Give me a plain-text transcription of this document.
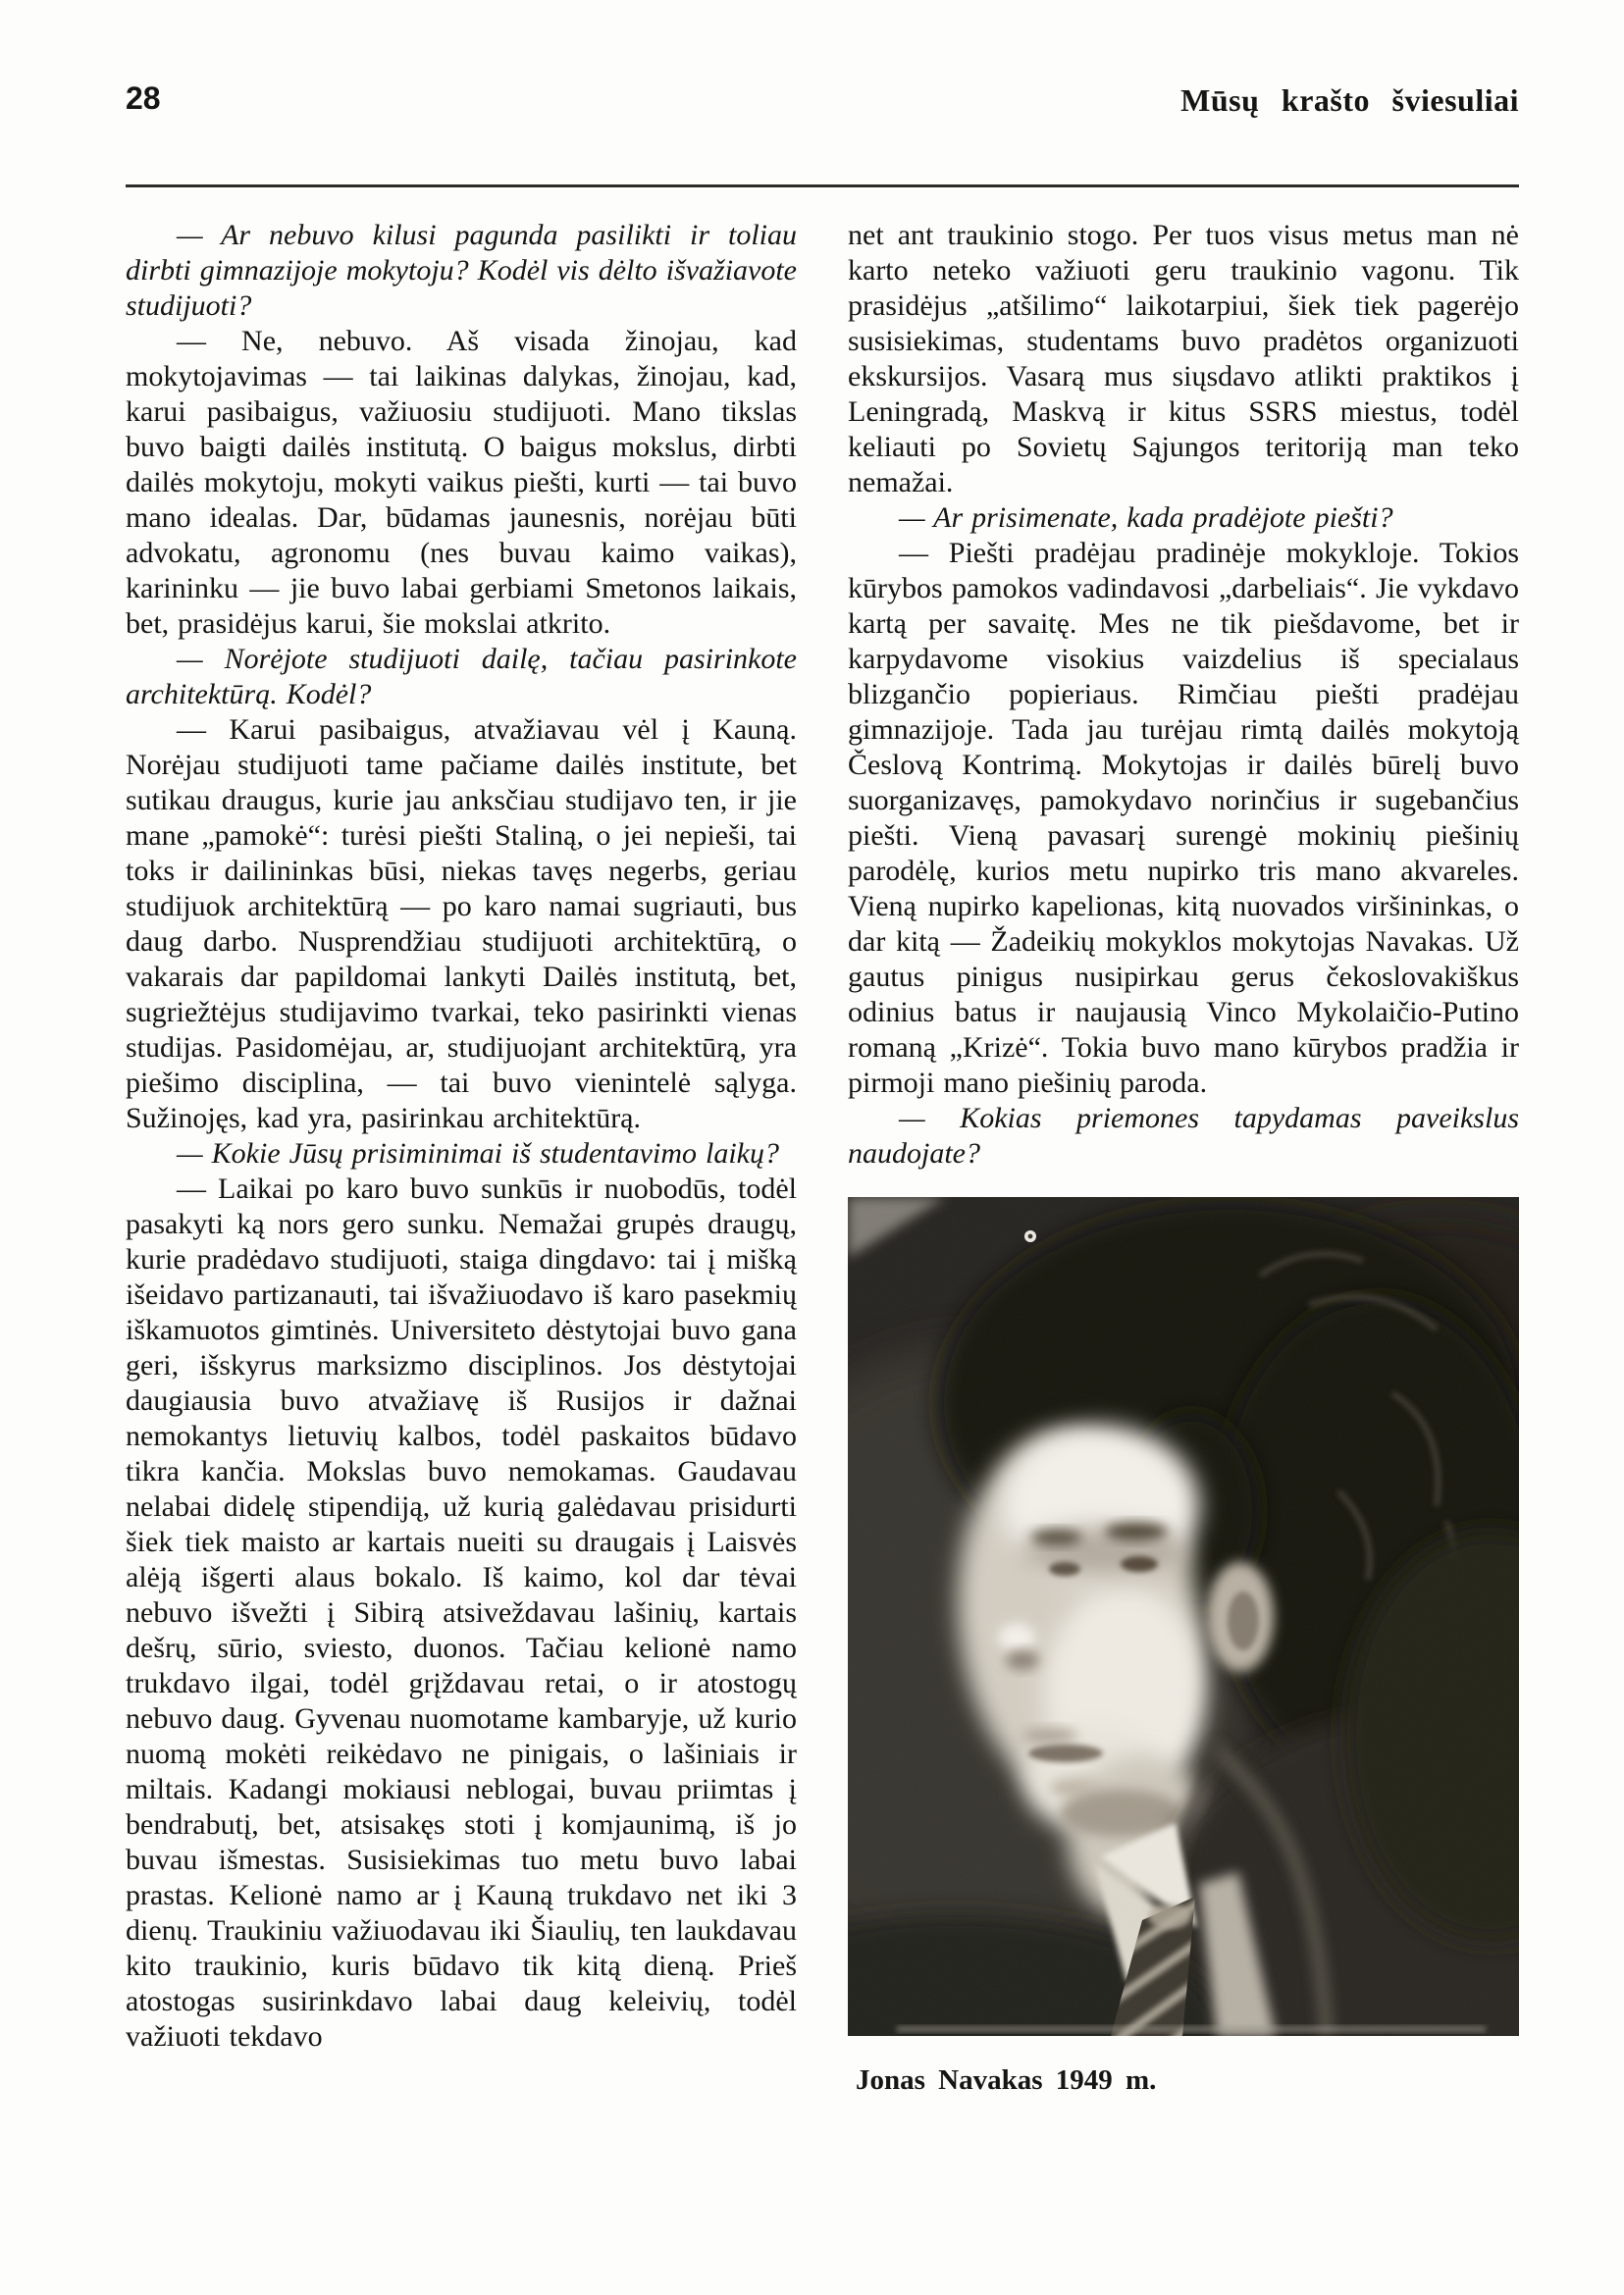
28	Mūsų krašto šviesuliai

— Ar nebuvo kilusi pagunda pasilikti ir toliau dirbti gimnazijoje mokytoju? Kodėl vis dėlto išvažiavote studijuoti?

— Ne, nebuvo. Aš visada žinojau, kad mokytojavimas — tai laikinas dalykas, žinojau, kad, karui pasibaigus, važiuosiu studijuoti. Mano tikslas buvo baigti dailės institutą. O baigus mokslus, dirbti dailės mokytoju, mokyti vaikus piešti, kurti — tai buvo mano idealas. Dar, būdamas jaunesnis, norėjau būti advokatu, agronomu (nes buvau kaimo vaikas), karininku — jie buvo labai gerbiami Smetonos laikais, bet, prasidėjus karui, šie mokslai atkrito.

— Norėjote studijuoti dailę, tačiau pasirinkote architektūrą. Kodėl?

— Karui pasibaigus, atvažiavau vėl į Kauną. Norėjau studijuoti tame pačiame dailės institute, bet sutikau draugus, kurie jau anksčiau studijavo ten, ir jie mane „pamokė“: turėsi piešti Staliną, o jei nepieši, tai toks ir dailininkas būsi, niekas tavęs negerbs, geriau studijuok architektūrą — po karo namai sugriauti, bus daug darbo. Nusprendžiau studijuoti architektūrą, o vakarais dar papildomai lankyti Dailės institutą, bet, sugriežtėjus studijavimo tvarkai, teko pasirinkti vienas studijas. Pasidomėjau, ar, studijuojant architektūrą, yra piešimo disciplina, — tai buvo vienintelė sąlyga. Sužinojęs, kad yra, pasirinkau architektūrą.

— Kokie Jūsų prisiminimai iš studentavimo laikų?

— Laikai po karo buvo sunkūs ir nuobodūs, todėl pasakyti ką nors gero sunku. Nemažai grupės draugų, kurie pradėdavo studijuoti, staiga dingdavo: tai į mišką išeidavo partizanauti, tai išvažiuodavo iš karo pasekmių iškamuotos gimtinės. Universiteto dėstytojai buvo gana geri, išskyrus marksizmo disciplinos. Jos dėstytojai daugiausia buvo atvažiavę iš Rusijos ir dažnai nemokantys lietuvių kalbos, todėl paskaitos būdavo tikra kančia. Mokslas buvo nemokamas. Gaudavau nelabai didelę stipendiją, už kurią galėdavau prisidurti šiek tiek maisto ar kartais nueiti su draugais į Laisvės alėją išgerti alaus bokalo. Iš kaimo, kol dar tėvai nebuvo išvežti į Sibirą atsiveždavau lašinių, kartais dešrų, sūrio, sviesto, duonos. Tačiau kelionė namo trukdavo ilgai, todėl grįždavau retai, o ir atostogų nebuvo daug. Gyvenau nuomotame kambaryje, už kurio nuomą mokėti reikėdavo ne pinigais, o lašiniais ir miltais. Kadangi mokiausi neblogai, buvau priimtas į bendrabutį, bet, atsisakęs stoti į komjaunimą, iš jo buvau išmestas. Susisiekimas tuo metu buvo labai prastas. Kelionė namo ar į Kauną trukdavo net iki 3 dienų. Traukiniu važiuodavau iki Šiaulių, ten laukdavau kito traukinio, kuris būdavo tik kitą dieną. Prieš atostogas susirinkdavo labai daug keleivių, todėl važiuoti tekdavo

net ant traukinio stogo. Per tuos visus metus man nė karto neteko važiuoti geru traukinio vagonu. Tik prasidėjus „atšilimo“ laikotarpiui, šiek tiek pagerėjo susisiekimas, studentams buvo pradėtos organizuoti ekskursijos. Vasarą mus siųsdavo atlikti praktikos į Leningradą, Maskvą ir kitus SSRS miestus, todėl keliauti po Sovietų Sąjungos teritoriją man teko nemažai.

— Ar prisimenate, kada pradėjote piešti?

— Piešti pradėjau pradinėje mokykloje. Tokios kūrybos pamokos vadindavosi „darbeliais“. Jie vykdavo kartą per savaitę. Mes ne tik piešdavome, bet ir karpydavome visokius vaizdelius iš specialaus blizgančio popieriaus. Rimčiau piešti pradėjau gimnazijoje. Tada jau turėjau rimtą dailės mokytoją Česlovą Kontrimą. Mokytojas ir dailės būrelį buvo suorganizavęs, pamokydavo norinčius ir sugebančius piešti. Vieną pavasarį surengė mokinių piešinių parodėlę, kurios metu nupirko tris mano akvareles. Vieną nupirko kapelionas, kitą nuovados viršininkas, o dar kitą — Žadeikių mokyklos mokytojas Navakas. Už gautus pinigus nusipirkau gerus čekoslovakiškus odinius batus ir naujausią Vinco Mykolaičio-Putino romaną „Krizė“. Tokia buvo mano kūrybos pradžia ir pirmoji mano piešinių paroda.

— Kokias priemones tapydamas paveikslus naudojate?

Jonas Navakas 1949 m.
